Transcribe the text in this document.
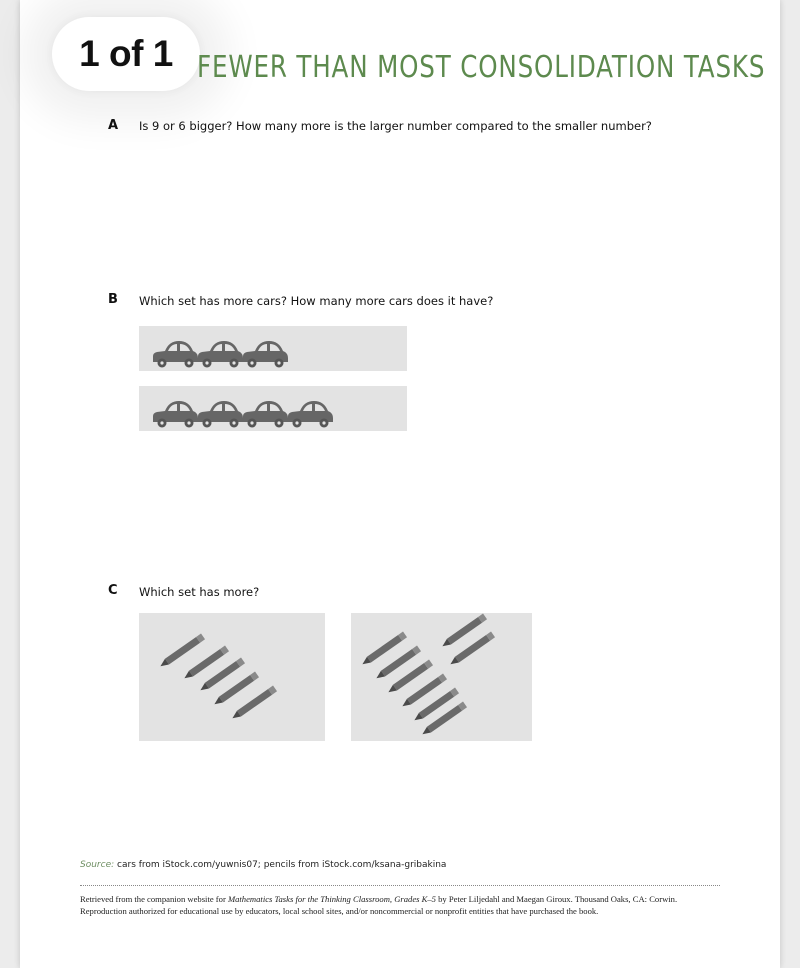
1 of 1 FEWER THAN MOST CONSOLIDATION TASKS
A Is 9 or 6 bigger? How many more is the larger number compared to the smaller number?
B Which set has more cars? How many more cars does it have?
C Which set has more?
Source: cars from iStock.com/yuwnis07; pencils from iStock.com/ksana-gribakina
Retrieved from the companion website for Mathematics Tasks for the Thinking Classroom, Grades K–5 by Peter Liljedahl and Maegan Giroux. Thousand Oaks, CA: Corwin. Reproduction authorized for educational use by educators, local school sites, and/or noncommercial or nonprofit entities that have purchased the book.
